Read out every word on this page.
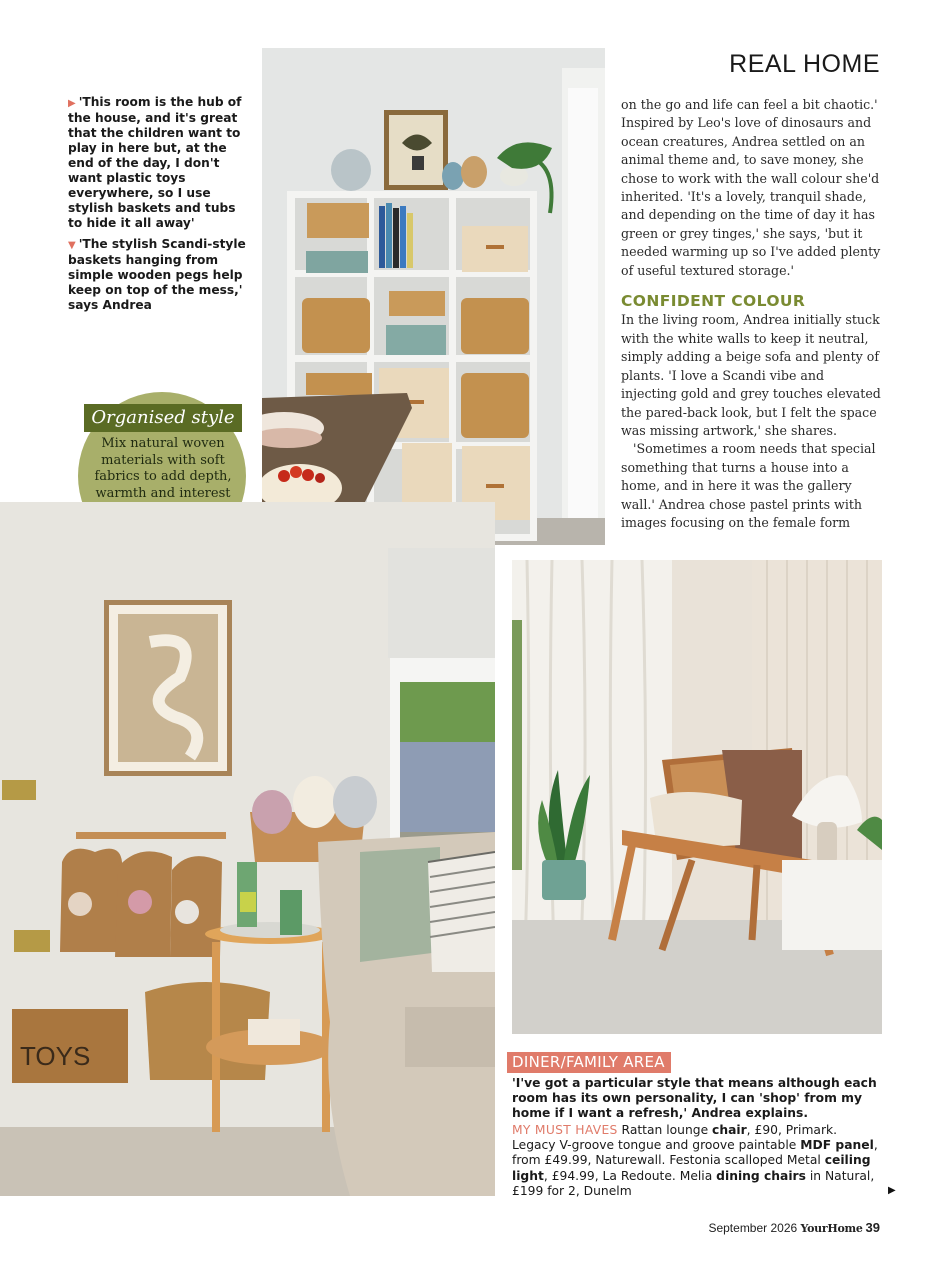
REAL HOME
▶ 'This room is the hub of the house, and it's great that the children want to play in here but, at the end of the day, I don't want plastic toys everywhere, so I use stylish baskets and tubs to hide it all away'
▼ 'The stylish Scandi-style baskets hanging from simple wooden pegs help keep on top of the mess,' says Andrea
Organised style
Mix natural woven materials with soft fabrics to add depth, warmth and interest

on the go and life can feel a bit chaotic.' Inspired by Leo's love of dinosaurs and ocean creatures, Andrea settled on an animal theme and, to save money, she chose to work with the wall colour she'd inherited. 'It's a lovely, tranquil shade, and depending on the time of day it has green or grey tinges,' she says, 'but it needed warming up so I've added plenty of useful textured storage.'

CONFIDENT COLOUR

In the living room, Andrea initially stuck with the white walls to keep it neutral, simply adding a beige sofa and plenty of plants. 'I love a Scandi vibe and injecting gold and grey touches elevated the pared-back look, but I felt the space was missing artwork,' she shares.

'Sometimes a room needs that special something that turns a house into a home, and in here it was the gallery wall.' Andrea chose pastel prints with images focusing on the female form

TOYS	DINER/FAMILY AREA
'I've got a particular style that means although each room has its own personality, I can 'shop' from my home if I want a refresh,' Andrea explains.
MY MUST HAVES Rattan lounge chair, £90, Primark. Legacy V-groove tongue and groove paintable MDF panel, from £49.99, Naturewall. Festonia scalloped Metal ceiling light, £94.99, La Redoute. Melia dining chairs in Natural, £199 for 2, Dunelm	▶
September 2026 YourHome 39
